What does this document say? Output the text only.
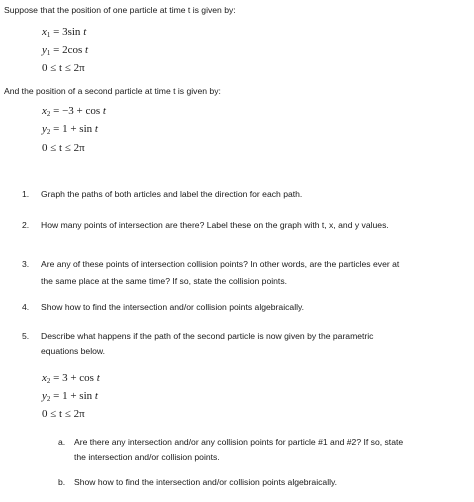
Suppose that the position of one particle at time t is given by:
$x_1 = 3\sin$ t
$y_1 = 2\cos$ t
0 ≤ t ≤ 2π
And the position of a second particle at time t is given by:
$x_2 = -3 + \cos t$
$y_2 = 1 + \sin t$
0 ≤ t ≤ 2π
1. Graph the paths of both articles and label the direction for each path.
2. How many points of intersection are there? Label these on the graph with t, x, and y values.
3. Are any of these points of intersection collision points? In other words, are the particles ever at
the same place at the same time? If so, state the collision points.
4. Show how to find the intersection and/or collision points algebraically.
5. Describe what happens if the path of the second particle is now given by the parametric
equations below.
$x_2 = 3 + \cos t$
$y_2 = 1 + \sin t$
0 ≤ t ≤ 2π
a. Are there any intersection and/or any collision points for particle #1 and #2? If so, state
the intersection and/or collision points.
b. Show how to find the intersection and/or collision points algebraically.
